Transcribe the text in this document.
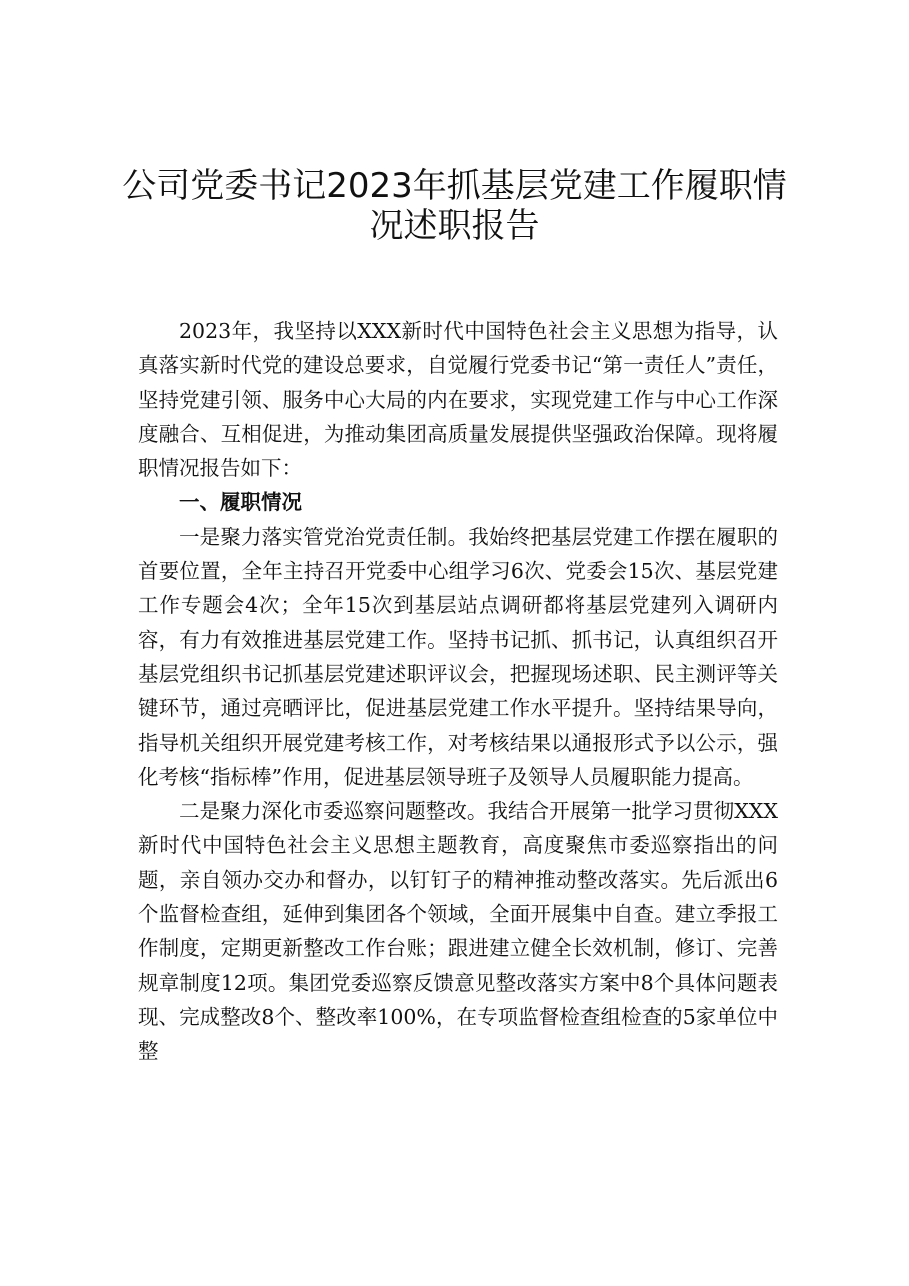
公司党委书记2023年抓基层党建工作履职情
况述职报告

2023年，我坚持以XXX新时代中国特色社会主义思想为指导，认真落实新时代党的建设总要求，自觉履行党委书记“第一责任人”责任，坚持党建引领、服务中心大局的内在要求，实现党建工作与中心工作深度融合、互相促进，为推动集团高质量发展提供坚强政治保障。现将履职情况报告如下：

一、履职情况

一是聚力落实管党治党责任制。我始终把基层党建工作摆在履职的首要位置，全年主持召开党委中心组学习6次、党委会15次、基层党建工作专题会4次；全年15次到基层站点调研都将基层党建列入调研内容，有力有效推进基层党建工作。坚持书记抓、抓书记，认真组织召开基层党组织书记抓基层党建述职评议会，把握现场述职、民主测评等关键环节，通过亮晒评比，促进基层党建工作水平提升。坚持结果导向，指导机关组织开展党建考核工作，对考核结果以通报形式予以公示，强化考核“指标棒”作用，促进基层领导班子及领导人员履职能力提高。

二是聚力深化市委巡察问题整改。我结合开展第一批学习贯彻XXX新时代中国特色社会主义思想主题教育，高度聚焦市委巡察指出的问题，亲自领办交办和督办，以钉钉子的精神推动整改落实。先后派出6个监督检查组，延伸到集团各个领域，全面开展集中自查。建立季报工作制度，定期更新整改工作台账；跟进建立健全长效机制，修订、完善规章制度12项。集团党委巡察反馈意见整改落实方案中8个具体问题表现、完成整改8个、整改率100%，在专项监督检查组检查的5家单位中整
